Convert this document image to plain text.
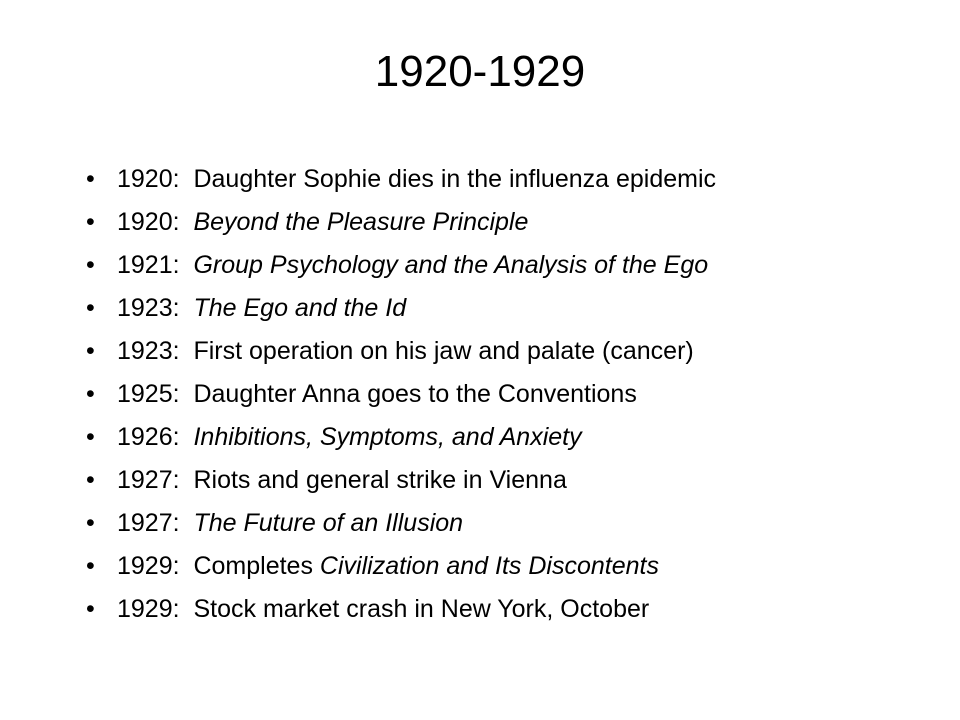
1920-1929
• 1920: Daughter Sophie dies in the influenza epidemic
• 1920: Beyond the Pleasure Principle
• 1921: Group Psychology and the Analysis of the Ego
• 1923: The Ego and the Id
• 1923: First operation on his jaw and palate (cancer)
• 1925: Daughter Anna goes to the Conventions
• 1926: Inhibitions, Symptoms, and Anxiety
• 1927: Riots and general strike in Vienna
• 1927: The Future of an Illusion
• 1929: Completes Civilization and Its Discontents
• 1929: Stock market crash in New York, October
